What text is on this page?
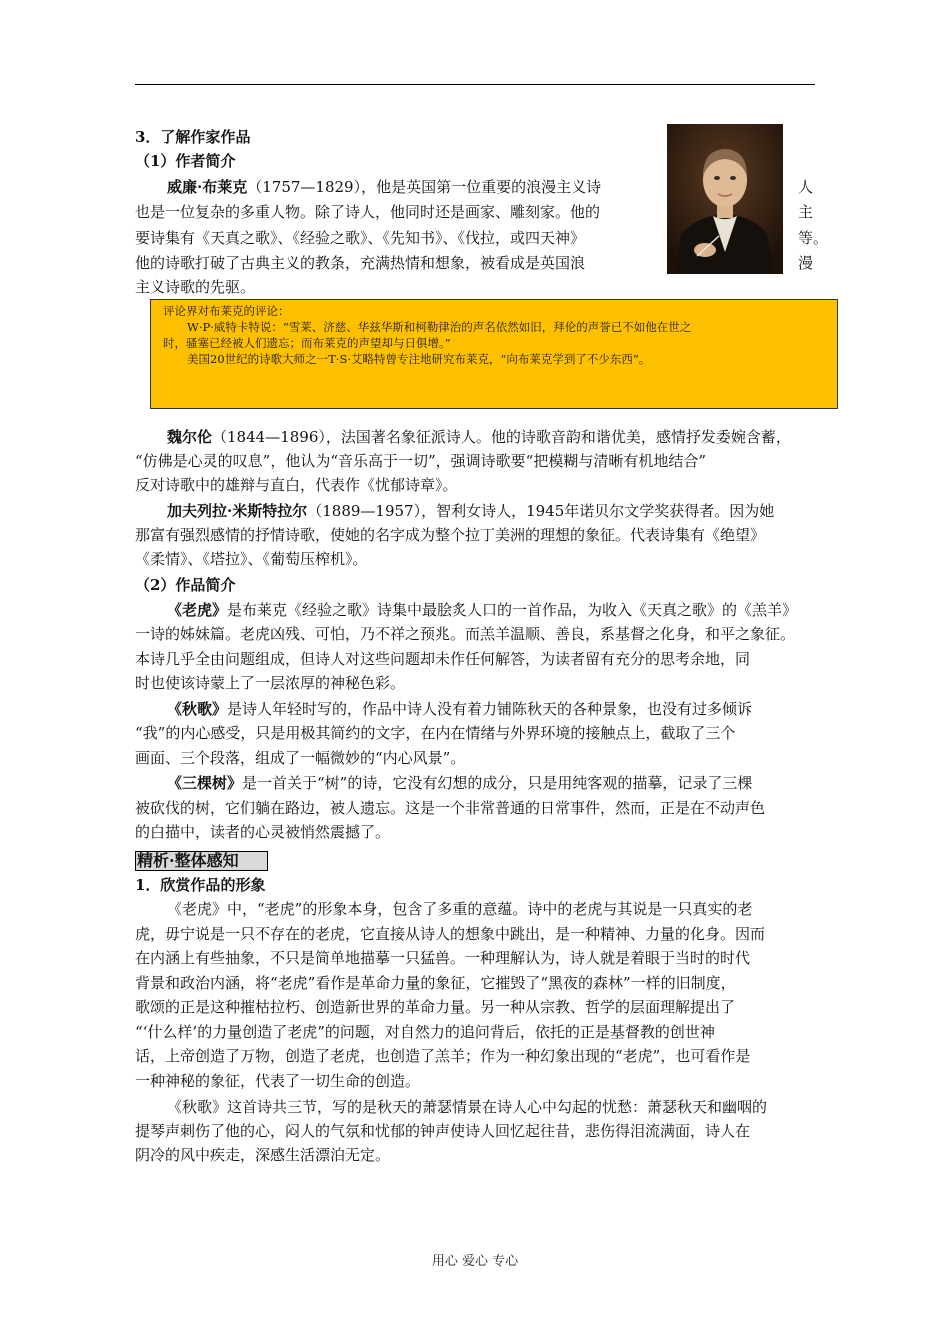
3．了解作家作品
（1）作者简介
威廉·布莱克（1757—1829），他是英国第一位重要的浪漫主义诗	人
也是一位复杂的多重人物。除了诗人，他同时还是画家、雕刻家。他的	主
要诗集有《天真之歌》、《经验之歌》、《先知书》、《伐拉，或四天神》	等。
他的诗歌打破了古典主义的教条，充满热情和想象，被看成是英国浪	漫
主义诗歌的先驱。
评论界对布莱克的评论：
W·P·威特卡特说：“雪莱、济慈、华兹华斯和柯勒律治的声名依然如旧，拜伦的声誉已不如他在世之
时，骚塞已经被人们遗忘；而布莱克的声望却与日俱增。”
美国20世纪的诗歌大师之一T·S·艾略特曾专注地研究布莱克，“向布莱克学到了不少东西”。
魏尔伦（1844—1896），法国著名象征派诗人。他的诗歌音韵和谐优美，感情抒发委婉含蓄，
“仿佛是心灵的叹息”，他认为“音乐高于一切”，强调诗歌要“把模糊与清晰有机地结合”
反对诗歌中的雄辩与直白，代表作《忧郁诗章》。
加夫列拉·米斯特拉尔（1889—1957），智利女诗人，1945年诺贝尔文学奖获得者。因为她
那富有强烈感情的抒情诗歌，使她的名字成为整个拉丁美洲的理想的象征。代表诗集有《绝望》
《柔情》、《塔拉》、《葡萄压榨机》。
（2）作品简介
《老虎》是布莱克《经验之歌》诗集中最脍炙人口的一首作品，为收入《天真之歌》的《羔羊》
一诗的姊妹篇。老虎凶残、可怕，乃不祥之预兆。而羔羊温顺、善良，系基督之化身，和平之象征。
本诗几乎全由问题组成，但诗人对这些问题却未作任何解答，为读者留有充分的思考余地，同
时也使该诗蒙上了一层浓厚的神秘色彩。
《秋歌》是诗人年轻时写的，作品中诗人没有着力铺陈秋天的各种景象，也没有过多倾诉
“我”的内心感受，只是用极其简约的文字，在内在情绪与外界环境的接触点上，截取了三个
画面、三个段落，组成了一幅微妙的“内心风景”。
《三棵树》是一首关于“树”的诗，它没有幻想的成分，只是用纯客观的描摹，记录了三棵
被砍伐的树，它们躺在路边，被人遗忘。这是一个非常普通的日常事件，然而，正是在不动声色
的白描中，读者的心灵被悄然震撼了。
精析·整体感知
1．欣赏作品的形象
《老虎》中，“老虎”的形象本身，包含了多重的意蕴。诗中的老虎与其说是一只真实的老
虎，毋宁说是一只不存在的老虎，它直接从诗人的想象中跳出，是一种精神、力量的化身。因而
在内涵上有些抽象，不只是简单地描摹一只猛兽。一种理解认为，诗人就是着眼于当时的时代
背景和政治内涵，将“老虎”看作是革命力量的象征，它摧毁了“黑夜的森林”一样的旧制度，
歌颂的正是这种摧枯拉朽、创造新世界的革命力量。另一种从宗教、哲学的层面理解提出了
“‘什么样’的力量创造了老虎”的问题，对自然力的追问背后，依托的正是基督教的创世神
话，上帝创造了万物，创造了老虎，也创造了羔羊；作为一种幻象出现的“老虎”，也可看作是
一种神秘的象征，代表了一切生命的创造。
《秋歌》这首诗共三节，写的是秋天的萧瑟情景在诗人心中勾起的忧愁：萧瑟秋天和幽咽的
提琴声刺伤了他的心，闷人的气氛和忧郁的钟声使诗人回忆起往昔，悲伤得泪流满面，诗人在
阴冷的风中疾走，深感生活漂泊无定。
用心 爱心 专心
